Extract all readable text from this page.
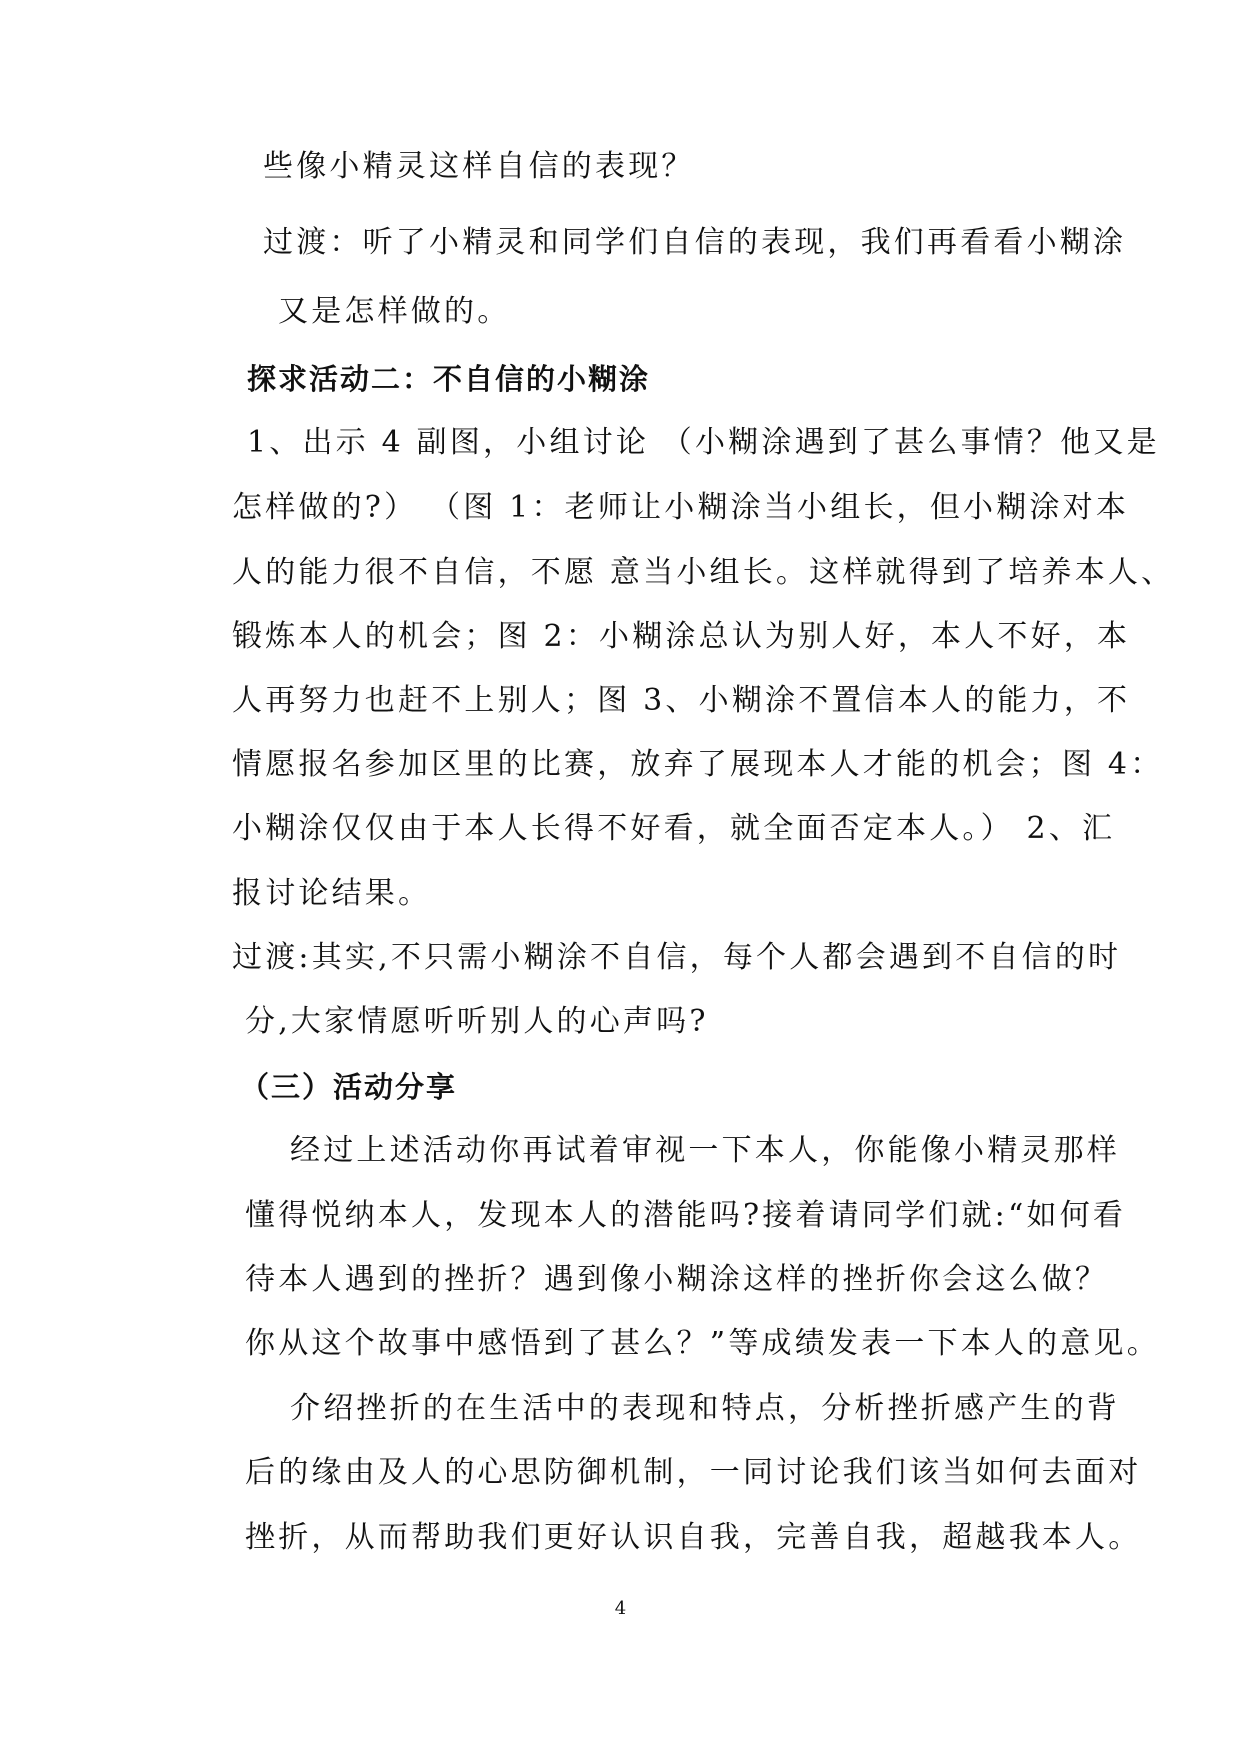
些像小精灵这样自信的表现？
过渡：听了小精灵和同学们自信的表现，我们再看看小糊涂
又是怎样做的。
探求活动二：不自信的小糊涂
1、出示 4 副图，小组讨论 （小糊涂遇到了甚么事情？他又是
怎样做的?） （图 1：老师让小糊涂当小组长，但小糊涂对本
人的能力很不自信，不愿 意当小组长。这样就得到了培养本人、
锻炼本人的机会；图 2：小糊涂总认为别人好，本人不好，本
人再努力也赶不上别人；图 3、小糊涂不置信本人的能力，不
情愿报名参加区里的比赛，放弃了展现本人才能的机会；图 4：
小糊涂仅仅由于本人长得不好看，就全面否定本人。） 2、汇
报讨论结果。
过渡:其实,不只需小糊涂不自信，每个人都会遇到不自信的时
分,大家情愿听听别人的心声吗?
（三）活动分享
经过上述活动你再试着审视一下本人，你能像小精灵那样
懂得悦纳本人，发现本人的潜能吗?接着请同学们就:“如何看
待本人遇到的挫折？遇到像小糊涂这样的挫折你会这么做？
你从这个故事中感悟到了甚么？”等成绩发表一下本人的意见。
介绍挫折的在生活中的表现和特点，分析挫折感产生的背
后的缘由及人的心思防御机制，一同讨论我们该当如何去面对
挫折，从而帮助我们更好认识自我，完善自我，超越我本人。
4
